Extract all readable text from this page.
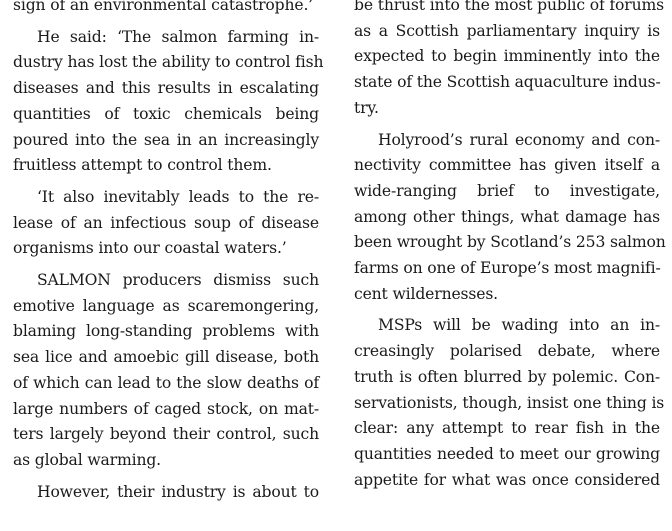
sign of an environmental catastrophe.’

He said: ‘The salmon farming in-
dustry has lost the ability to control fish
diseases and this results in escalating
quantities of toxic chemicals being
poured into the sea in an increasingly
fruitless attempt to control them.

‘It also inevitably leads to the re-
lease of an infectious soup of disease
organisms into our coastal waters.’

SALMON producers dismiss such
emotive language as scaremongering,
blaming long-standing problems with
sea lice and amoebic gill disease, both
of which can lead to the slow deaths of
large numbers of caged stock, on mat-
ters largely beyond their control, such
as global warming.

However, their industry is about to

be thrust into the most public of forums
as a Scottish parliamentary inquiry is
expected to begin imminently into the
state of the Scottish aquaculture indus-
try.

Holyrood’s rural economy and con-
nectivity committee has given itself a
wide-ranging brief to investigate,
among other things, what damage has
been wrought by Scotland’s 253 salmon
farms on one of Europe’s most magnifi-
cent wildernesses.

MSPs will be wading into an in-
creasingly polarised debate, where
truth is often blurred by polemic. Con-
servationists, though, insist one thing is
clear: any attempt to rear fish in the
quantities needed to meet our growing
appetite for what was once considered
